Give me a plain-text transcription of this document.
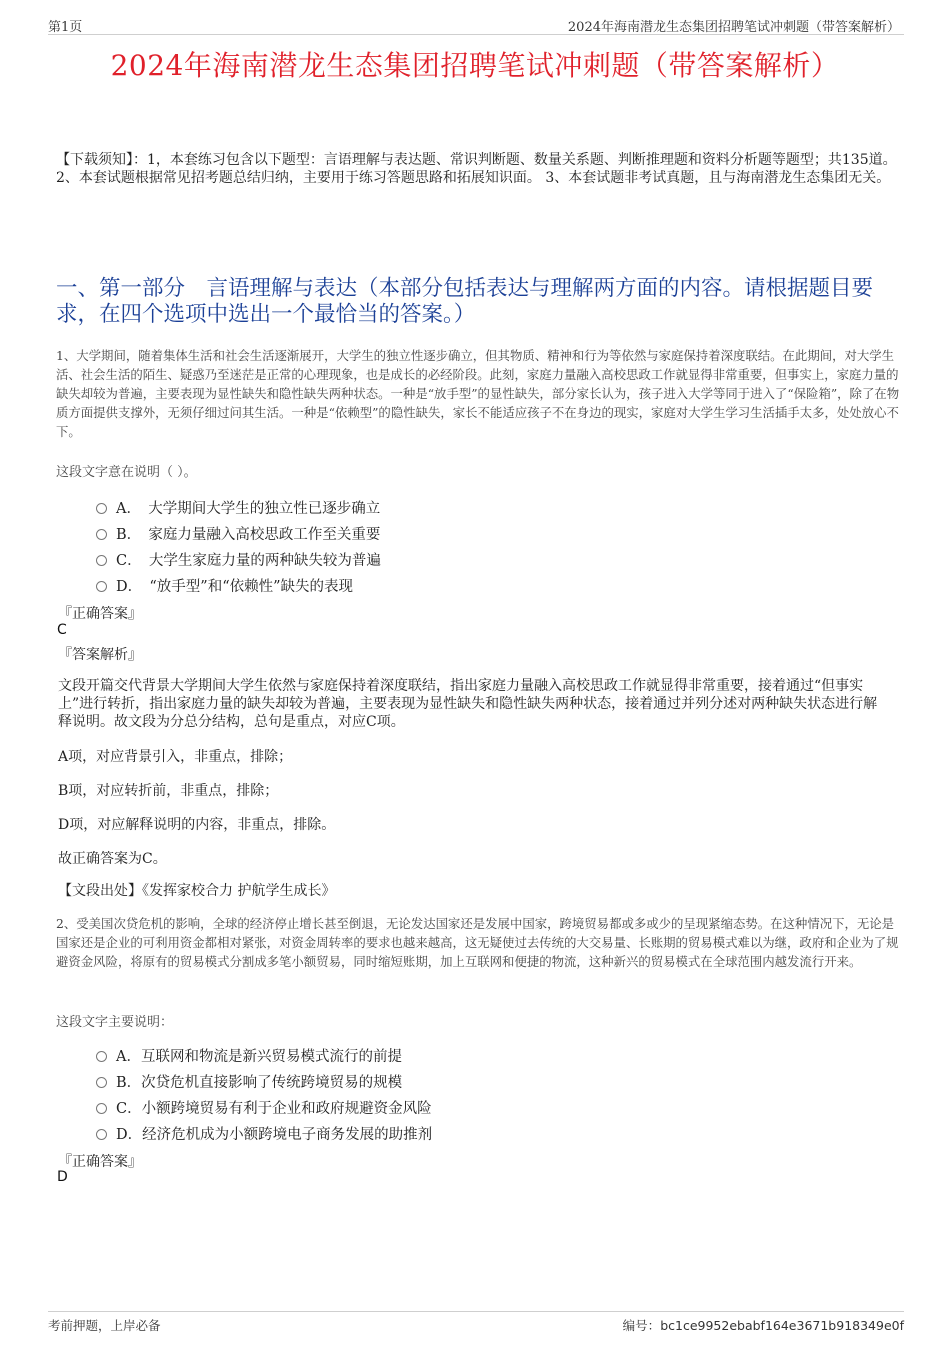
第1页	2024年海南潜龙生态集团招聘笔试冲刺题（带答案解析）
2024年海南潜龙生态集团招聘笔试冲刺题（带答案解析）
【下载须知】：1，本套练习包含以下题型：言语理解与表达题、常识判断题、数量关系题、判断推理题和资料分析题等题型；共135道。 2、本套试题根据常见招考题总结归纳，主要用于练习答题思路和拓展知识面。 3、本套试题非考试真题，且与海南潜龙生态集团无关。
一、第一部分　言语理解与表达（本部分包括表达与理解两方面的内容。请根据题目要求，在四个选项中选出一个最恰当的答案。）
1、大学期间，随着集体生活和社会生活逐渐展开，大学生的独立性逐步确立，但其物质、精神和行为等依然与家庭保持着深度联结。在此期间，对大学生活、社会生活的陌生、疑惑乃至迷茫是正常的心理现象，也是成长的必经阶段。此刻，家庭力量融入高校思政工作就显得非常重要，但事实上，家庭力量的缺失却较为普遍，主要表现为显性缺失和隐性缺失两种状态。一种是“放手型”的显性缺失，部分家长认为，孩子进入大学等同于进入了“保险箱”，除了在物质方面提供支撑外，无须仔细过问其生活。一种是“依赖型”的隐性缺失，家长不能适应孩子不在身边的现实，家庭对大学生学习生活插手太多，处处放心不下。
这段文字意在说明（ ）。
A．　大学期间大学生的独立性已逐步确立
B．　家庭力量融入高校思政工作至关重要
C．　大学生家庭力量的两种缺失较为普遍
D．　“放手型”和“依赖性”缺失的表现
『正确答案』
C
『答案解析』
文段开篇交代背景大学期间大学生依然与家庭保持着深度联结，指出家庭力量融入高校思政工作就显得非常重要，接着通过“但事实上”进行转折，指出家庭力量的缺失却较为普遍，主要表现为显性缺失和隐性缺失两种状态，接着通过并列分述对两种缺失状态进行解释说明。故文段为分总分结构，总句是重点，对应C项。
A项，对应背景引入，非重点，排除；
B项，对应转折前，非重点，排除；
D项，对应解释说明的内容，非重点，排除。
故正确答案为C。
【文段出处】《发挥家校合力 护航学生成长》
2、受美国次贷危机的影响，全球的经济停止增长甚至倒退，无论发达国家还是发展中国家，跨境贸易都或多或少的呈现紧缩态势。在这种情况下，无论是国家还是企业的可利用资金都相对紧张，对资金周转率的要求也越来越高，这无疑使过去传统的大交易量、长账期的贸易模式难以为继，政府和企业为了规避资金风险，将原有的贸易模式分割成多笔小额贸易，同时缩短账期，加上互联网和便捷的物流，这种新兴的贸易模式在全球范围内越发流行开来。
这段文字主要说明：
A．互联网和物流是新兴贸易模式流行的前提
B．次贷危机直接影响了传统跨境贸易的规模
C．小额跨境贸易有利于企业和政府规避资金风险
D．经济危机成为小额跨境电子商务发展的助推剂
『正确答案』
D
考前押题，上岸必备	编号：bc1ce9952ebabf164e3671b918349e0f
